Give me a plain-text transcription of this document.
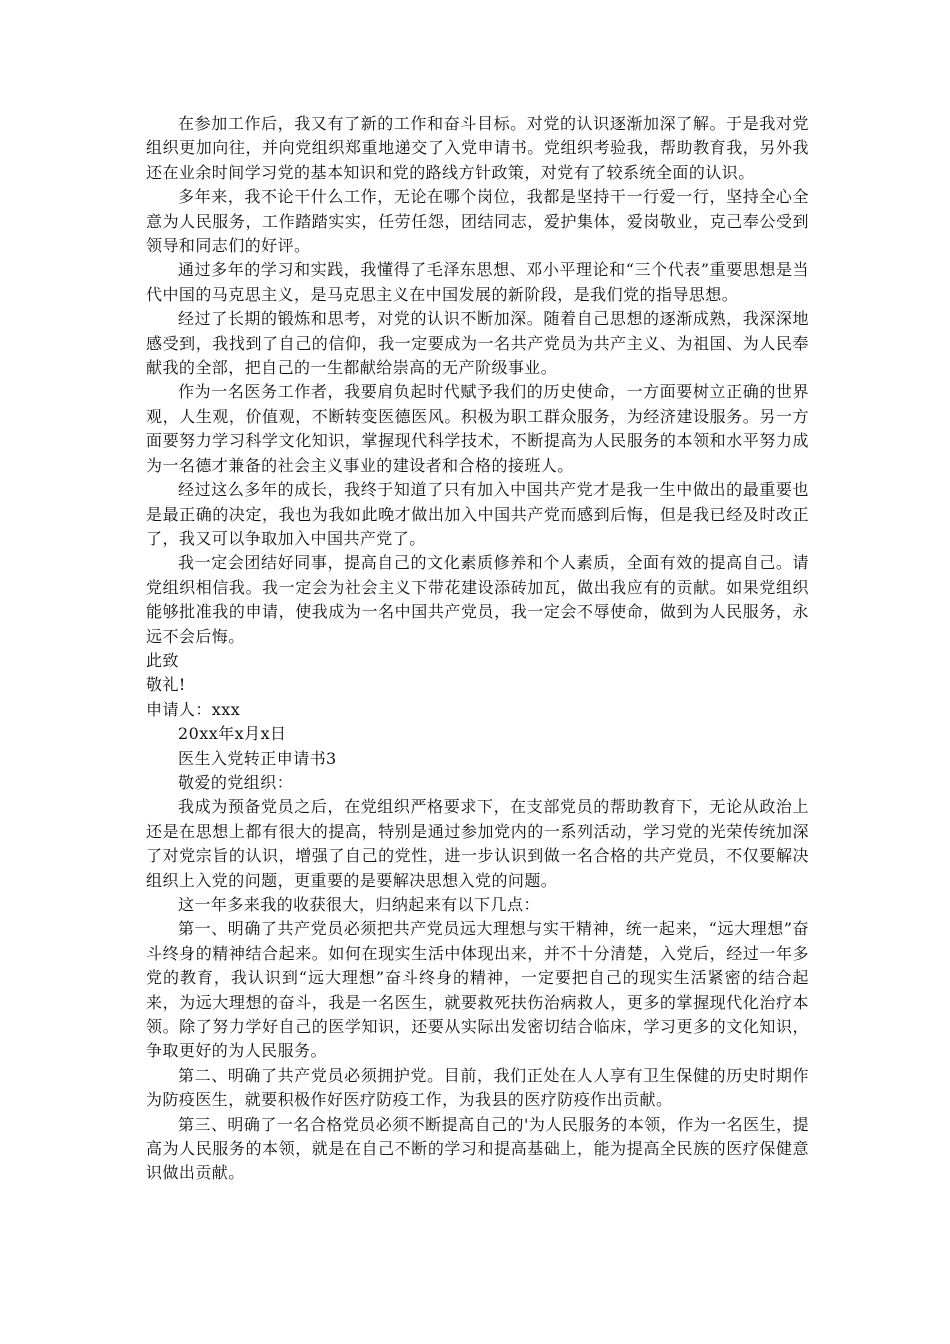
在参加工作后，我又有了新的工作和奋斗目标。对党的认识逐渐加深了解。于是我对党组织更加向往，并向党组织郑重地递交了入党申请书。党组织考验我，帮助教育我，另外我还在业余时间学习党的基本知识和党的路线方针政策，对党有了较系统全面的认识。

多年来，我不论干什么工作，无论在哪个岗位，我都是坚持干一行爱一行，坚持全心全意为人民服务，工作踏踏实实，任劳任怨，团结同志，爱护集体，爱岗敬业，克己奉公受到领导和同志们的好评。

通过多年的学习和实践，我懂得了毛泽东思想、邓小平理论和“三个代表”重要思想是当代中国的马克思主义，是马克思主义在中国发展的新阶段，是我们党的指导思想。

经过了长期的锻炼和思考，对党的认识不断加深。随着自己思想的逐渐成熟，我深深地感受到，我找到了自己的信仰，我一定要成为一名共产党员为共产主义、为祖国、为人民奉献我的全部，把自己的一生都献给崇高的无产阶级事业。

作为一名医务工作者，我要肩负起时代赋予我们的历史使命，一方面要树立正确的世界观，人生观，价值观，不断转变医德医风。积极为职工群众服务，为经济建设服务。另一方面要努力学习科学文化知识，掌握现代科学技术，不断提高为人民服务的本领和水平努力成为一名德才兼备的社会主义事业的建设者和合格的接班人。

经过这么多年的成长，我终于知道了只有加入中国共产党才是我一生中做出的最重要也是最正确的决定，我也为我如此晚才做出加入中国共产党而感到后悔，但是我已经及时改正了，我又可以争取加入中国共产党了。

我一定会团结好同事，提高自己的文化素质修养和个人素质，全面有效的提高自己。请党组织相信我。我一定会为社会主义下带花建设添砖加瓦，做出我应有的贡献。如果党组织能够批准我的申请，使我成为一名中国共产党员，我一定会不辱使命，做到为人民服务，永远不会后悔。

此致

敬礼!

申请人：xxx

20xx年x月x日

医生入党转正申请书3

敬爱的党组织：

我成为预备党员之后，在党组织严格要求下，在支部党员的帮助教育下，无论从政治上还是在思想上都有很大的提高，特别是通过参加党内的一系列活动，学习党的光荣传统加深了对党宗旨的认识，增强了自己的党性，进一步认识到做一名合格的共产党员，不仅要解决组织上入党的问题，更重要的是要解决思想入党的问题。

这一年多来我的收获很大，归纳起来有以下几点：

第一、明确了共产党员必须把共产党员远大理想与实干精神，统一起来，“远大理想”奋斗终身的精神结合起来。如何在现实生活中体现出来，并不十分清楚，入党后，经过一年多党的教育，我认识到“远大理想”奋斗终身的精神，一定要把自己的现实生活紧密的结合起来，为远大理想的奋斗，我是一名医生，就要救死扶伤治病救人，更多的掌握现代化治疗本领。除了努力学好自己的医学知识，还要从实际出发密切结合临床，学习更多的文化知识，争取更好的为人民服务。

第二、明确了共产党员必须拥护党。目前，我们正处在人人享有卫生保健的历史时期作为防疫医生，就要积极作好医疗防疫工作，为我县的医疗防疫作出贡献。

第三、明确了一名合格党员必须不断提高自己的'为人民服务的本领，作为一名医生，提高为人民服务的本领，就是在自己不断的学习和提高基础上，能为提高全民族的医疗保健意识做出贡献。
